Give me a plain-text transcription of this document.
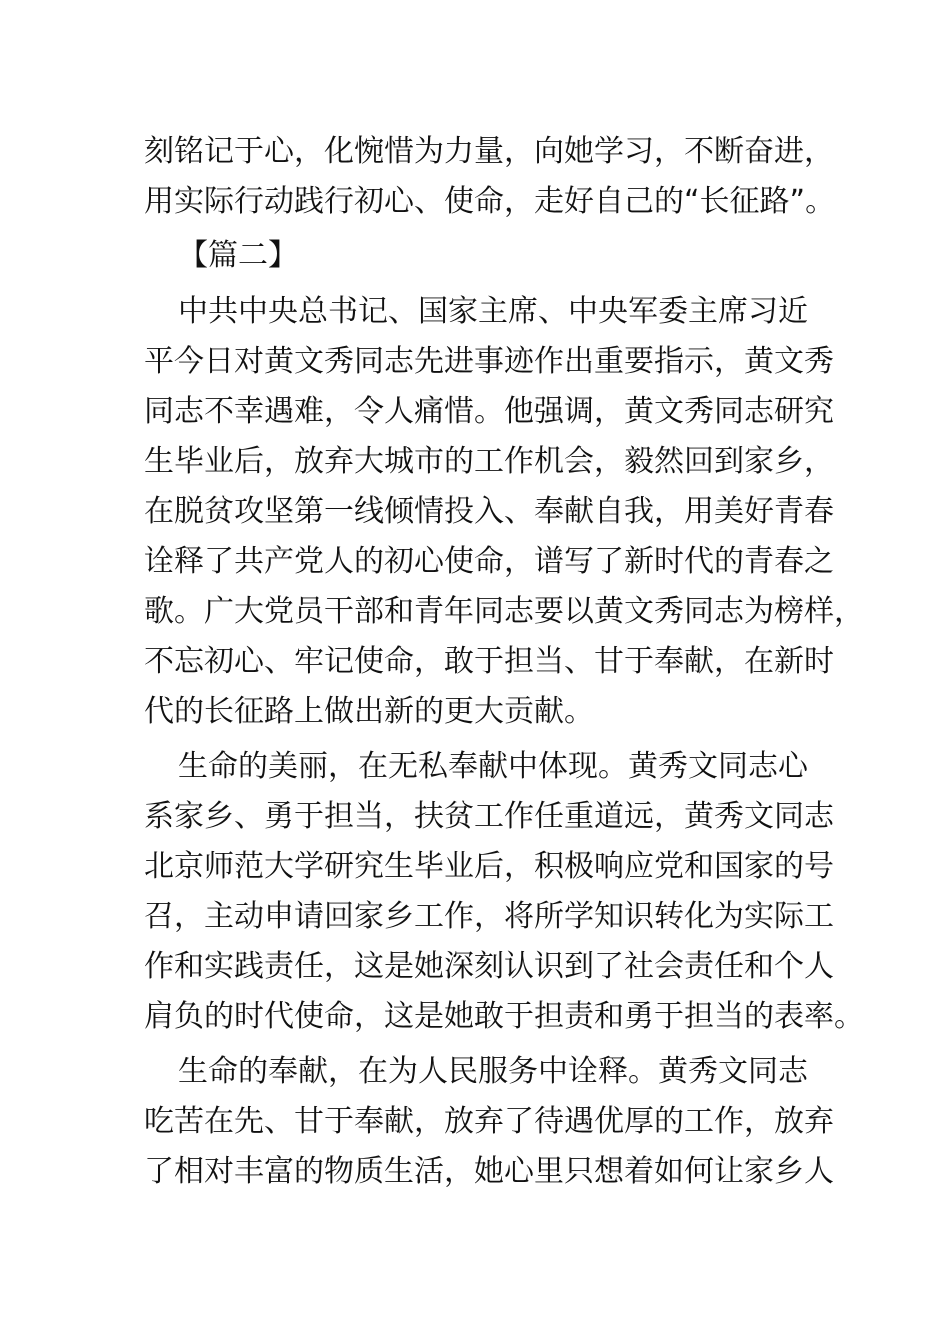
刻铭记于心，化惋惜为力量，向她学习，不断奋进，
用实际行动践行初心、使命，走好自己的“长征路”。
【篇二】
中共中央总书记、国家主席、中央军委主席习近
平今日对黄文秀同志先进事迹作出重要指示，黄文秀
同志不幸遇难，令人痛惜。他强调，黄文秀同志研究
生毕业后，放弃大城市的工作机会，毅然回到家乡，
在脱贫攻坚第一线倾情投入、奉献自我，用美好青春
诠释了共产党人的初心使命，谱写了新时代的青春之
歌。广大党员干部和青年同志要以黄文秀同志为榜样，
不忘初心、牢记使命，敢于担当、甘于奉献，在新时
代的长征路上做出新的更大贡献。
生命的美丽，在无私奉献中体现。黄秀文同志心
系家乡、勇于担当，扶贫工作任重道远，黄秀文同志
北京师范大学研究生毕业后，积极响应党和国家的号
召，主动申请回家乡工作，将所学知识转化为实际工
作和实践责任，这是她深刻认识到了社会责任和个人
肩负的时代使命，这是她敢于担责和勇于担当的表率。
生命的奉献，在为人民服务中诠释。黄秀文同志
吃苦在先、甘于奉献，放弃了待遇优厚的工作，放弃
了相对丰富的物质生活，她心里只想着如何让家乡人
